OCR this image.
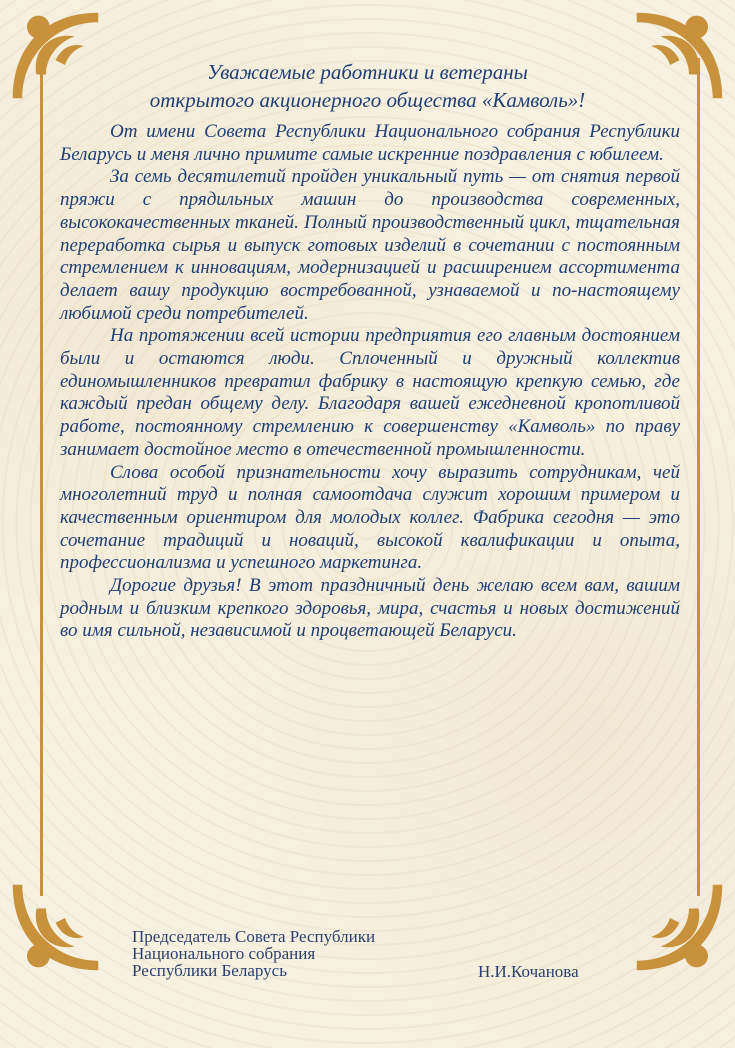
Уважаемые работники и ветераны
открытого акционерного общества «Камволь»!

От имени Совета Республики Национального собрания Республики Беларусь и меня лично примите самые искренние поздравления с юбилеем.

За семь десятилетий пройден уникальный путь — от снятия первой пряжи с прядильных машин до производства современных, высококачественных тканей. Полный производственный цикл, тщательная переработка сырья и выпуск готовых изделий в сочетании с постоянным стремлением к инновациям, модернизацией и расширением ассортимента делает вашу продукцию востребованной, узнаваемой и по-настоящему любимой среди потребителей.

На протяжении всей истории предприятия его главным достоянием были и остаются люди. Сплоченный и дружный коллектив единомышленников превратил фабрику в настоящую крепкую семью, где каждый предан общему делу. Благодаря вашей ежедневной кропотливой работе, постоянному стремлению к совершенству «Камволь» по праву занимает достойное место в отечественной промышленности.

Слова особой признательности хочу выразить сотрудникам, чей многолетний труд и полная самоотдача служит хорошим примером и качественным ориентиром для молодых коллег. Фабрика сегодня — это сочетание традиций и новаций, высокой квалификации и опыта, профессионализма и успешного маркетинга.

Дорогие друзья! В этот праздничный день желаю всем вам, вашим родным и близким крепкого здоровья, мира, счастья и новых достижений во имя сильной, независимой и процветающей Беларуси.

Председатель Совета Республики
Национального собрания
Республики Беларусь	Н.И.Кочанова
